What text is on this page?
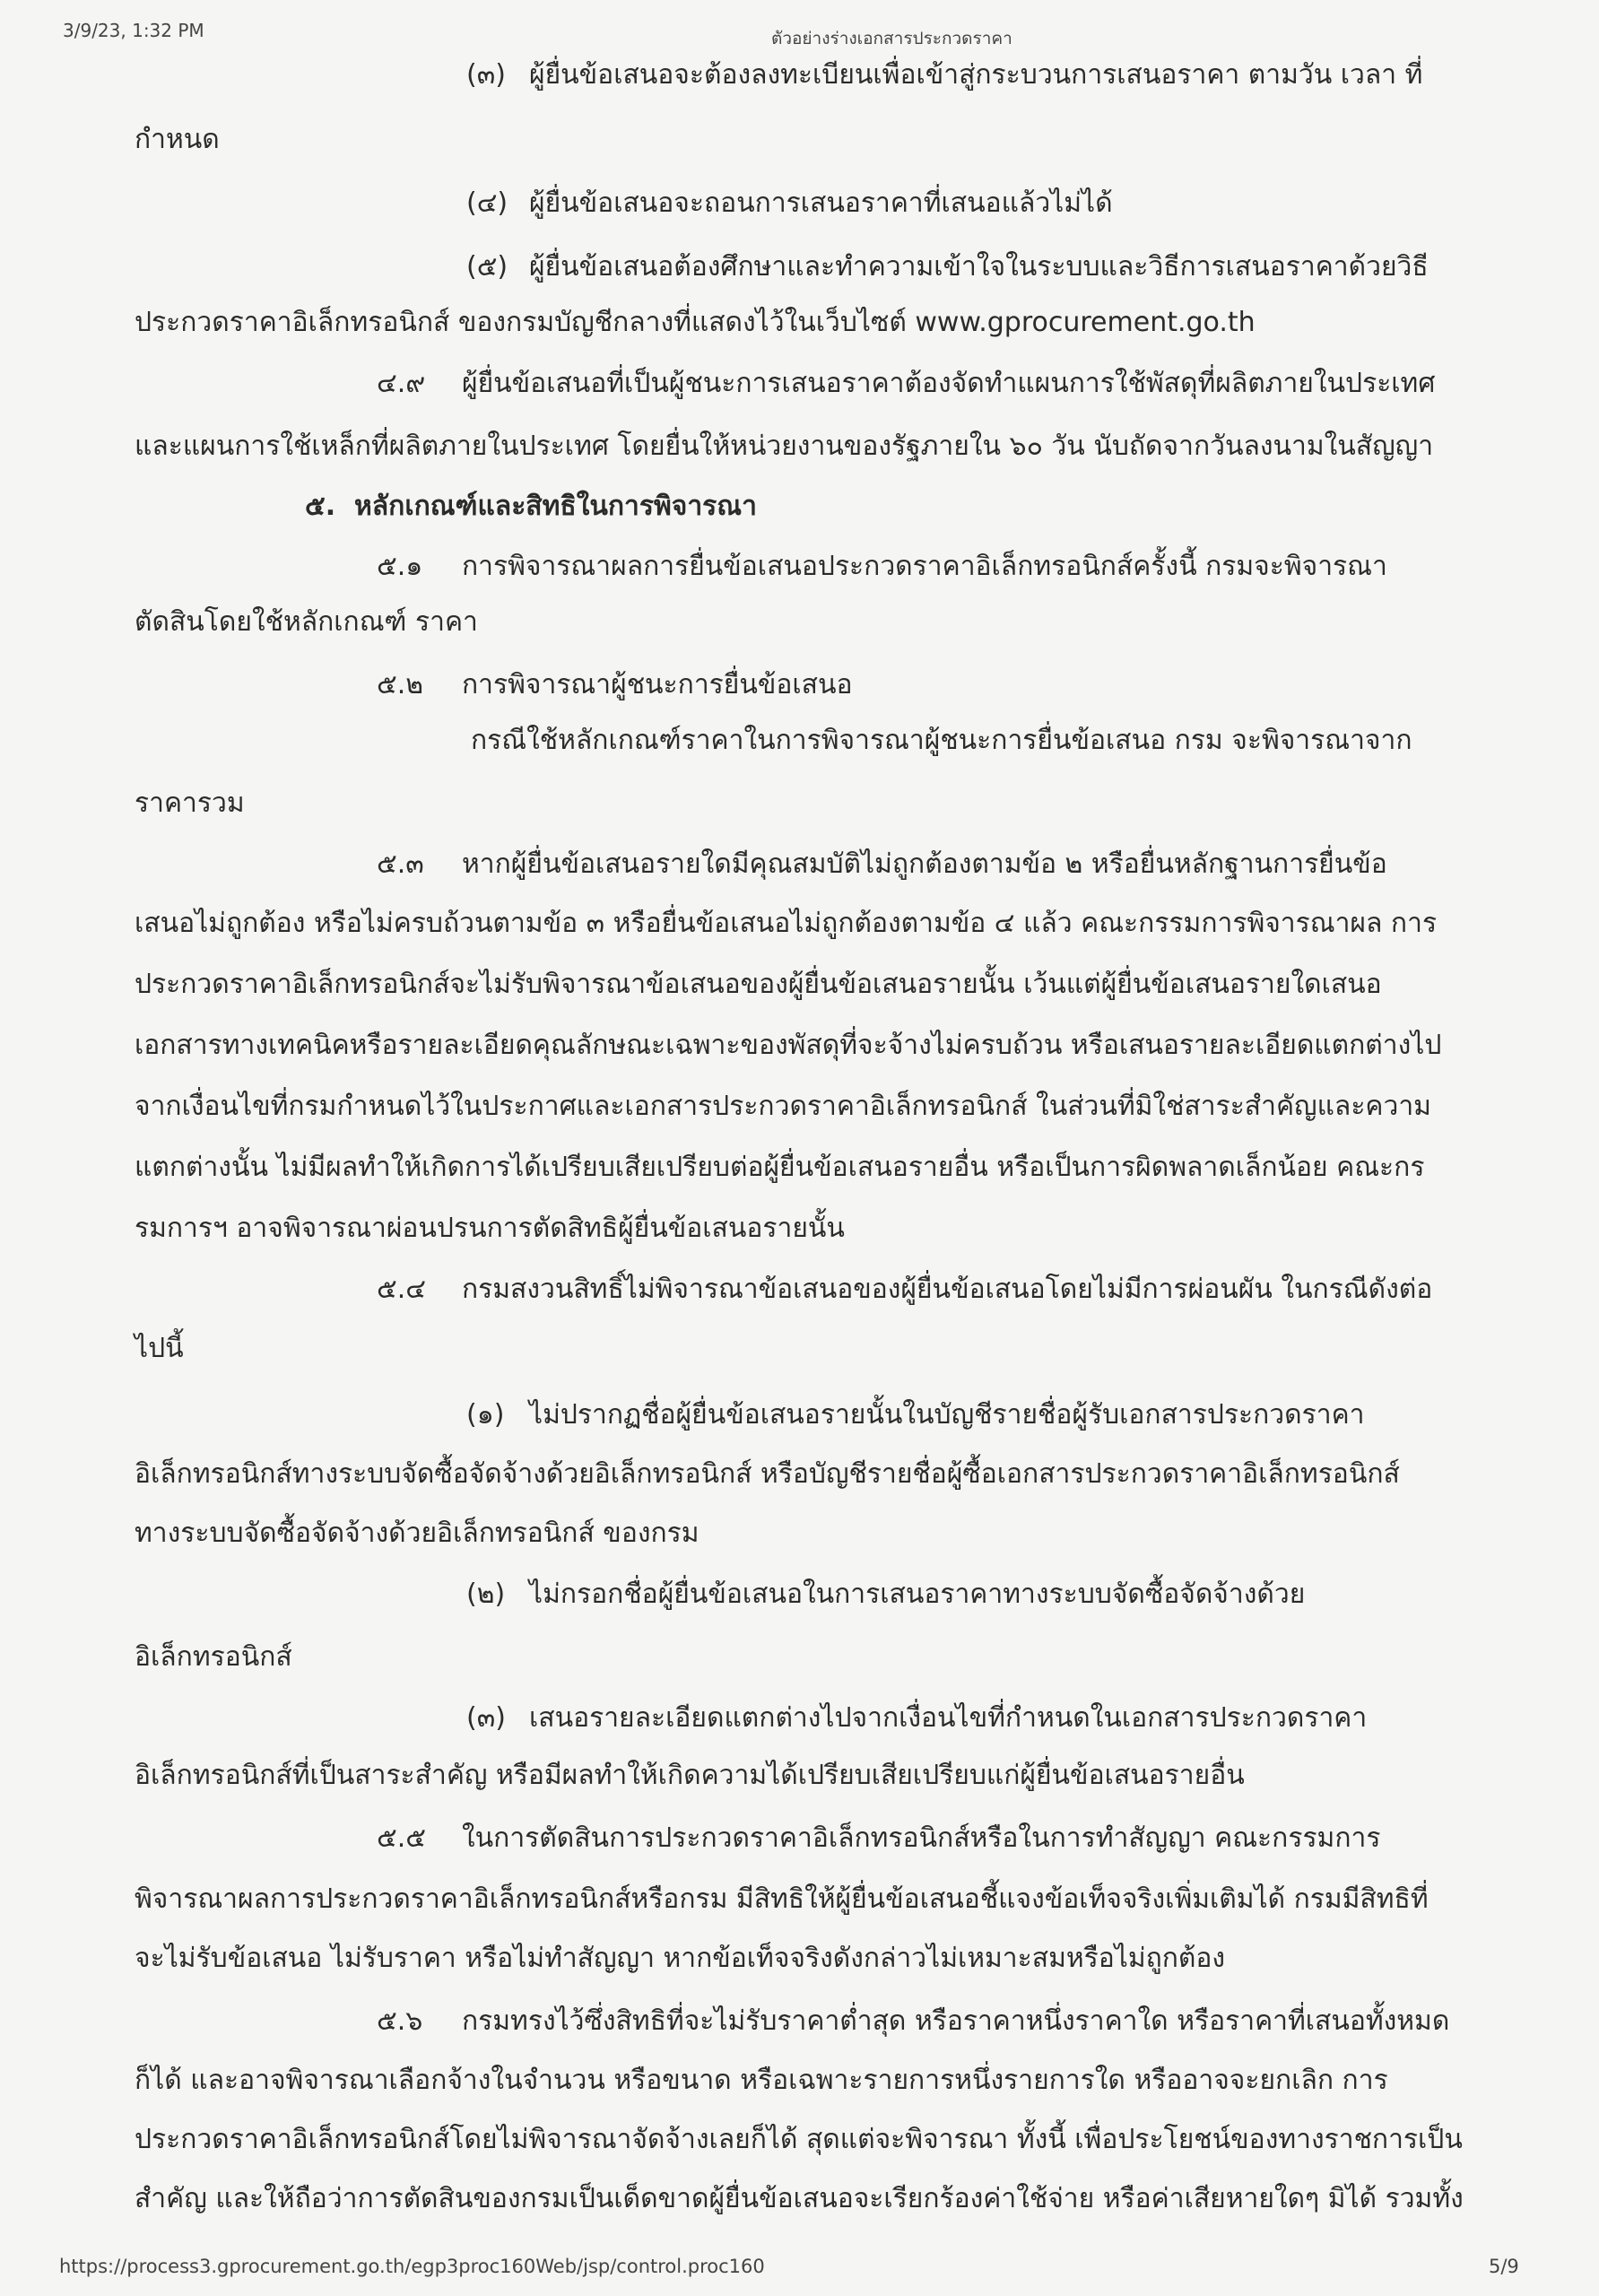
3/9/23, 1:32 PM	ตัวอย่างร่างเอกสารประกวดราคา
(๓) ผู้ยื่นข้อเสนอจะต้องลงทะเบียนเพื่อเข้าสู่กระบวนการเสนอราคา ตามวัน เวลา ที่
กำหนด
(๔) ผู้ยื่นข้อเสนอจะถอนการเสนอราคาที่เสนอแล้วไม่ได้
(๕) ผู้ยื่นข้อเสนอต้องศึกษาและทำความเข้าใจในระบบและวิธีการเสนอราคาด้วยวิธี
ประกวดราคาอิเล็กทรอนิกส์ ของกรมบัญชีกลางที่แสดงไว้ในเว็บไซต์ www.gprocurement.go.th
๔.๙ ผู้ยื่นข้อเสนอที่เป็นผู้ชนะการเสนอราคาต้องจัดทำแผนการใช้พัสดุที่ผลิตภายในประเทศ
และแผนการใช้เหล็กที่ผลิตภายในประเทศ โดยยื่นให้หน่วยงานของรัฐภายใน ๖๐ วัน นับถัดจากวันลงนามในสัญญา
๕. หลักเกณฑ์และสิทธิในการพิจารณา
๕.๑ การพิจารณาผลการยื่นข้อเสนอประกวดราคาอิเล็กทรอนิกส์ครั้งนี้ กรมจะพิจารณา
ตัดสินโดยใช้หลักเกณฑ์ ราคา
๕.๒ การพิจารณาผู้ชนะการยื่นข้อเสนอ
กรณีใช้หลักเกณฑ์ราคาในการพิจารณาผู้ชนะการยื่นข้อเสนอ กรม จะพิจารณาจาก
ราคารวม
๕.๓ หากผู้ยื่นข้อเสนอรายใดมีคุณสมบัติไม่ถูกต้องตามข้อ ๒ หรือยื่นหลักฐานการยื่นข้อ
เสนอไม่ถูกต้อง หรือไม่ครบถ้วนตามข้อ ๓ หรือยื่นข้อเสนอไม่ถูกต้องตามข้อ ๔ แล้ว คณะกรรมการพิจารณาผล การ
ประกวดราคาอิเล็กทรอนิกส์จะไม่รับพิจารณาข้อเสนอของผู้ยื่นข้อเสนอรายนั้น เว้นแต่ผู้ยื่นข้อเสนอรายใดเสนอ
เอกสารทางเทคนิคหรือรายละเอียดคุณลักษณะเฉพาะของพัสดุที่จะจ้างไม่ครบถ้วน หรือเสนอรายละเอียดแตกต่างไป
จากเงื่อนไขที่กรมกำหนดไว้ในประกาศและเอกสารประกวดราคาอิเล็กทรอนิกส์ ในส่วนที่มิใช่สาระสำคัญและความ
แตกต่างนั้น ไม่มีผลทำให้เกิดการได้เปรียบเสียเปรียบต่อผู้ยื่นข้อเสนอรายอื่น หรือเป็นการผิดพลาดเล็กน้อย คณะกร
รมการฯ อาจพิจารณาผ่อนปรนการตัดสิทธิผู้ยื่นข้อเสนอรายนั้น
๕.๔ กรมสงวนสิทธิ์ไม่พิจารณาข้อเสนอของผู้ยื่นข้อเสนอโดยไม่มีการผ่อนผัน ในกรณีดังต่อ
ไปนี้
(๑) ไม่ปรากฏชื่อผู้ยื่นข้อเสนอรายนั้นในบัญชีรายชื่อผู้รับเอกสารประกวดราคา
อิเล็กทรอนิกส์ทางระบบจัดซื้อจัดจ้างด้วยอิเล็กทรอนิกส์ หรือบัญชีรายชื่อผู้ซื้อเอกสารประกวดราคาอิเล็กทรอนิกส์
ทางระบบจัดซื้อจัดจ้างด้วยอิเล็กทรอนิกส์ ของกรม
(๒) ไม่กรอกชื่อผู้ยื่นข้อเสนอในการเสนอราคาทางระบบจัดซื้อจัดจ้างด้วย
อิเล็กทรอนิกส์
(๓) เสนอรายละเอียดแตกต่างไปจากเงื่อนไขที่กำหนดในเอกสารประกวดราคา
อิเล็กทรอนิกส์ที่เป็นสาระสำคัญ หรือมีผลทำให้เกิดความได้เปรียบเสียเปรียบแก่ผู้ยื่นข้อเสนอรายอื่น
๕.๕ ในการตัดสินการประกวดราคาอิเล็กทรอนิกส์หรือในการทำสัญญา คณะกรรมการ
พิจารณาผลการประกวดราคาอิเล็กทรอนิกส์หรือกรม มีสิทธิให้ผู้ยื่นข้อเสนอชี้แจงข้อเท็จจริงเพิ่มเติมได้ กรมมีสิทธิที่
จะไม่รับข้อเสนอ ไม่รับราคา หรือไม่ทำสัญญา หากข้อเท็จจริงดังกล่าวไม่เหมาะสมหรือไม่ถูกต้อง
๕.๖ กรมทรงไว้ซึ่งสิทธิที่จะไม่รับราคาต่ำสุด หรือราคาหนึ่งราคาใด หรือราคาที่เสนอทั้งหมด
ก็ได้ และอาจพิจารณาเลือกจ้างในจำนวน หรือขนาด หรือเฉพาะรายการหนึ่งรายการใด หรืออาจจะยกเลิก การ
ประกวดราคาอิเล็กทรอนิกส์โดยไม่พิจารณาจัดจ้างเลยก็ได้ สุดแต่จะพิจารณา ทั้งนี้ เพื่อประโยชน์ของทางราชการเป็น
สำคัญ และให้ถือว่าการตัดสินของกรมเป็นเด็ดขาดผู้ยื่นข้อเสนอจะเรียกร้องค่าใช้จ่าย หรือค่าเสียหายใดๆ มิได้ รวมทั้ง
https://process3.gprocurement.go.th/egp3proc160Web/jsp/control.proc160	5/9
